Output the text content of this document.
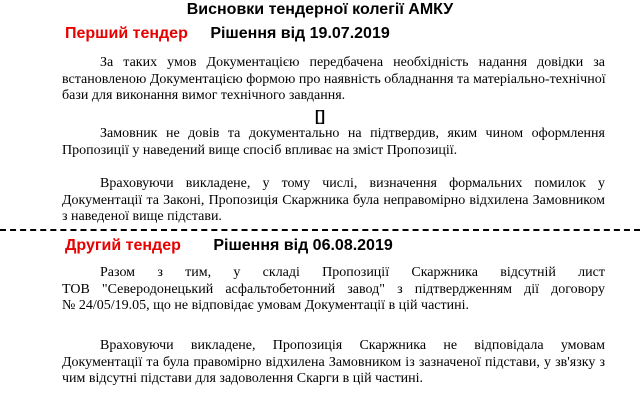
Висновки тендерної колегії АМКУ
Перший тендер Рішення від 19.07.2019
За таких умов Документацією передбачена необхідність надання довідки за
встановленою Документацією формою про наявність обладнання та матеріально-технічної
бази для виконання вимог технічного завдання.
[]
Замовник не довів та документально на підтвердив, яким чином оформлення
Пропозиції у наведений вище спосіб впливає на зміст Пропозиції.
Враховуючи викладене, у тому числі, визначення формальних помилок у
Документації та Законі, Пропозиція Скаржника була неправомірно відхилена Замовником
з наведеної вище підстави.
Другий тендер Рішення від 06.08.2019
Разом з тим, у складі Пропозиції Скаржника відсутній лист
ТОВ "Северодонецький асфальтобетонний завод" з підтвердженням дії договору
№ 24/05/19.05, що не відповідає умовам Документації в цій частині.
Враховуючи викладене, Пропозиція Скаржника не відповідала умовам
Документації та була правомірно відхилена Замовником із зазначеної підстави, у зв'язку з
чим відсутні підстави для задоволення Скарги в цій частині.
